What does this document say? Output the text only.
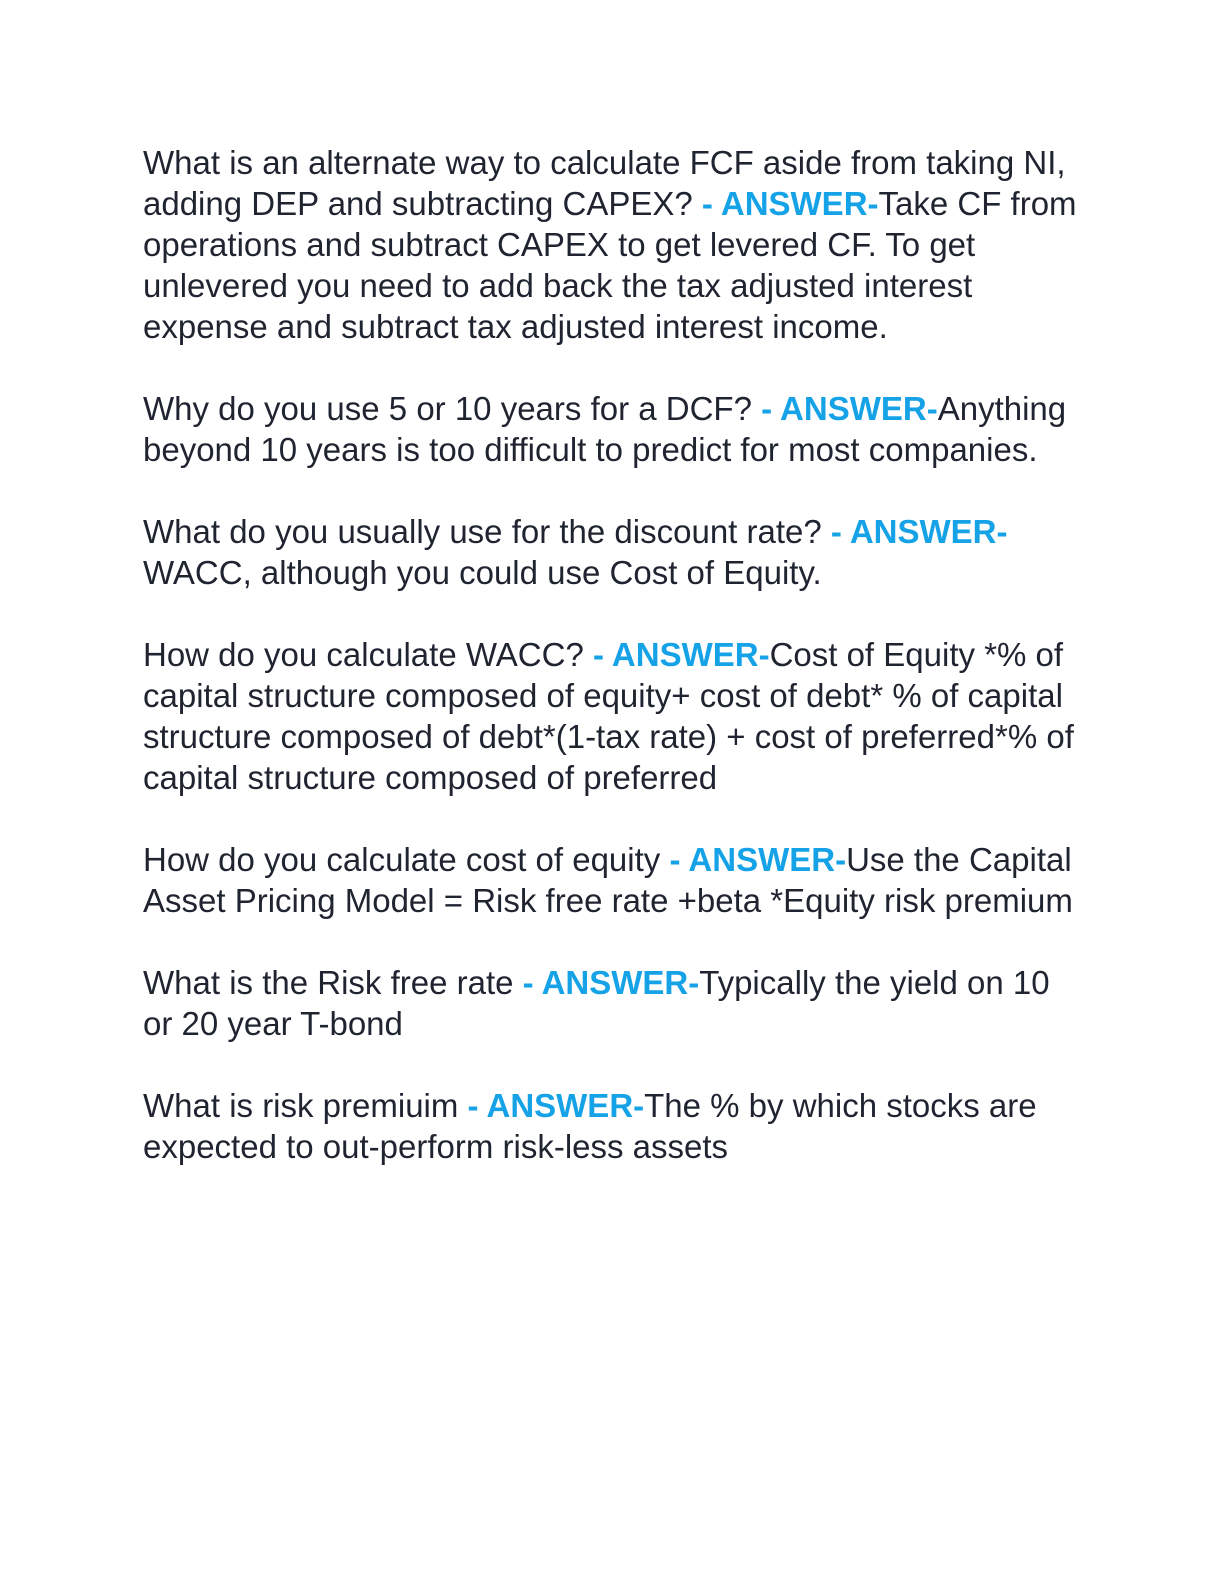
What is an alternate way to calculate FCF aside from taking NI, adding DEP and subtracting CAPEX? - ANSWER-Take CF from operations and subtract CAPEX to get levered CF. To get unlevered you need to add back the tax adjusted interest expense and subtract tax adjusted interest income.

Why do you use 5 or 10 years for a DCF? - ANSWER-Anything beyond 10 years is too difficult to predict for most companies.

What do you usually use for the discount rate? - ANSWER-WACC, although you could use Cost of Equity.

How do you calculate WACC? - ANSWER-Cost of Equity *% of capital structure composed of equity+ cost of debt* % of capital structure composed of debt*(1-tax rate) + cost of preferred*% of capital structure composed of preferred

How do you calculate cost of equity - ANSWER-Use the Capital Asset Pricing Model = Risk free rate +beta *Equity risk premium

What is the Risk free rate - ANSWER-Typically the yield on 10 or 20 year T-bond

What is risk premiuim - ANSWER-The % by which stocks are expected to out-perform risk-less assets
